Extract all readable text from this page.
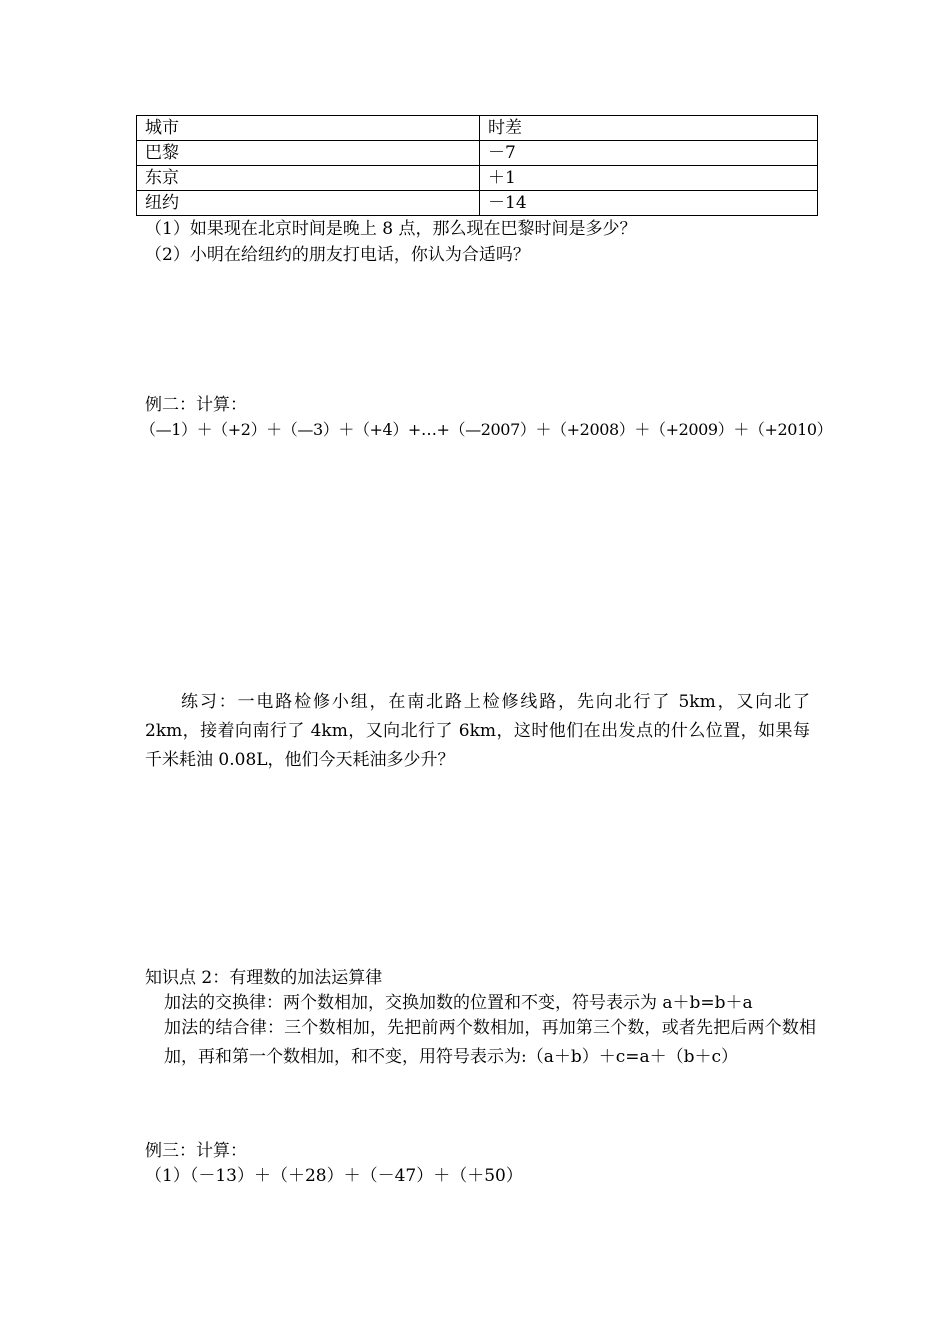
城市	时差
巴黎	－7
东京	＋1
纽约	－14
（1）如果现在北京时间是晚上 8 点，那么现在巴黎时间是多少？
（2）小明在给纽约的朋友打电话，你认为合适吗？
例二：计算：
（—1）＋（+2）＋（—3）＋（+4）+…+（—2007）＋（+2008）＋（+2009）＋（+2010）
练习：一电路检修小组，在南北路上检修线路，先向北行了 5km，又向北了 2km，接着向南行了 4km，又向北行了 6km，这时他们在出发点的什么位置，如果每千米耗油 0.08L，他们今天耗油多少升？
知识点 2：有理数的加法运算律
加法的交换律：两个数相加，交换加数的位置和不变，符号表示为 a＋b=b＋a
加法的结合律：三个数相加，先把前两个数相加，再加第三个数，或者先把后两个数相加，再和第一个数相加，和不变，用符号表示为:（a＋b）＋c=a＋（b＋c）
例三：计算：
（1）（－13）＋（＋28）＋（－47）＋（＋50）
